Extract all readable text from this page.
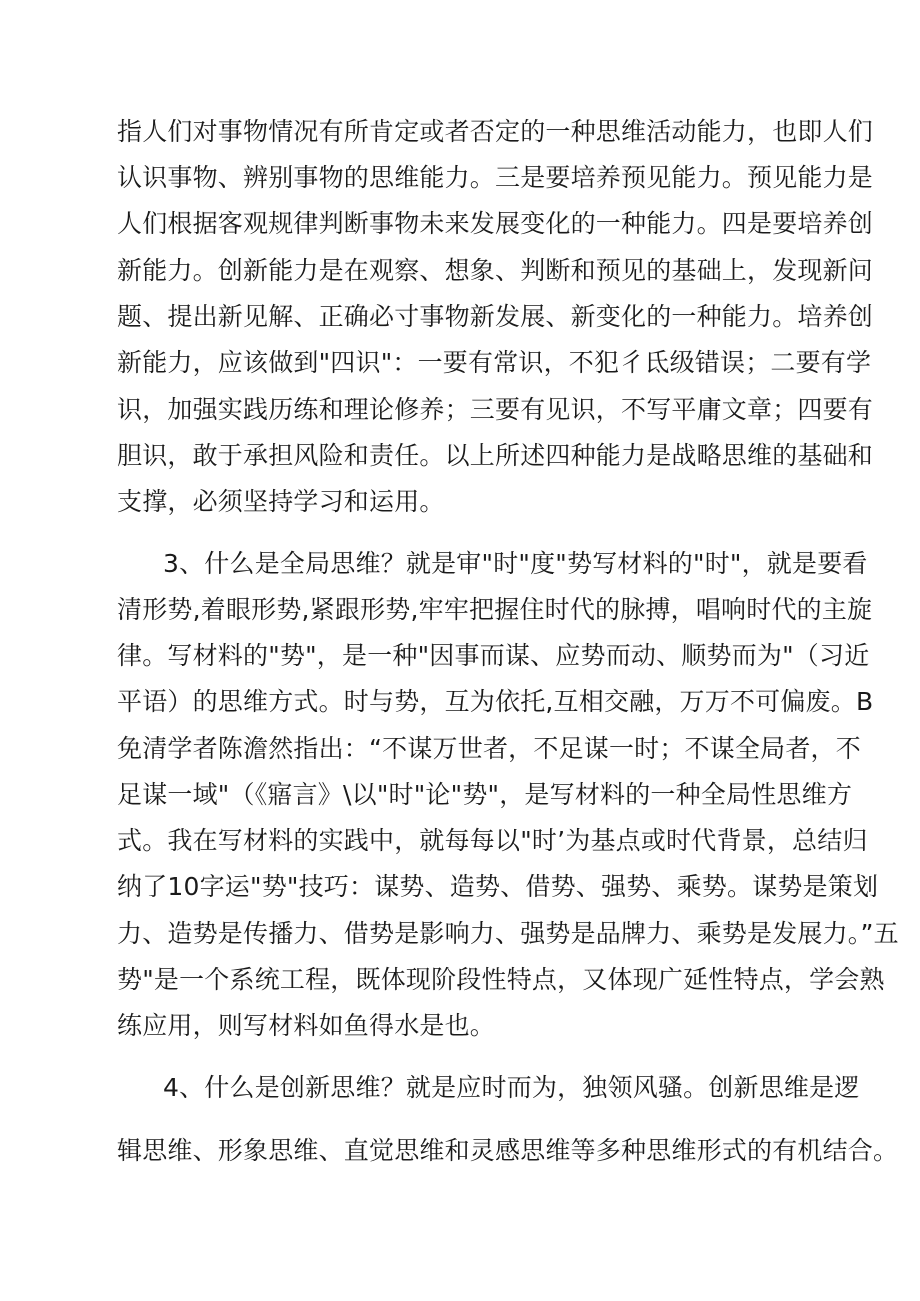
指人们对事物情况有所肯定或者否定的一种思维活动能力，也即人们
认识事物、辨别事物的思维能力。三是要培养预见能力。预见能力是
人们根据客观规律判断事物未来发展变化的一种能力。四是要培养创
新能力。创新能力是在观察、想象、判断和预见的基础上，发现新问
题、提出新见解、正确必寸事物新发展、新变化的一种能力。培养创
新能力，应该做到"四识"：一要有常识，不犯彳氐级错误；二要有学
识，加强实践历练和理论修养；三要有见识，不写平庸文章；四要有
胆识，敢于承担风险和责任。以上所述四种能力是战略思维的基础和
支撑，必须坚持学习和运用。
3、什么是全局思维？就是审"时"度"势写材料的"时"，就是要看
清形势,着眼形势,紧跟形势,牢牢把握住时代的脉搏，唱响时代的主旋
律。写材料的"势"，是一种"因事而谋、应势而动、顺势而为"（习近
平语）的思维方式。时与势，互为依托,互相交融，万万不可偏废。B
免清学者陈澹然指出：“不谋万世者，不足谋一时；不谋全局者，不
足谋一域"（《寤言》\以"时"论"势"，是写材料的一种全局性思维方
式。我在写材料的实践中，就每每以"时’为基点或时代背景，总结归
纳了10字运"势"技巧：谋势、造势、借势、强势、乘势。谋势是策划
力、造势是传播力、借势是影响力、强势是品牌力、乘势是发展力。”五
势"是一个系统工程，既体现阶段性特点，又体现广延性特点，学会熟
练应用，则写材料如鱼得水是也。
4、什么是创新思维？就是应时而为，独领风骚。创新思维是逻
辑思维、形象思维、直觉思维和灵感思维等多种思维形式的有机结合。
